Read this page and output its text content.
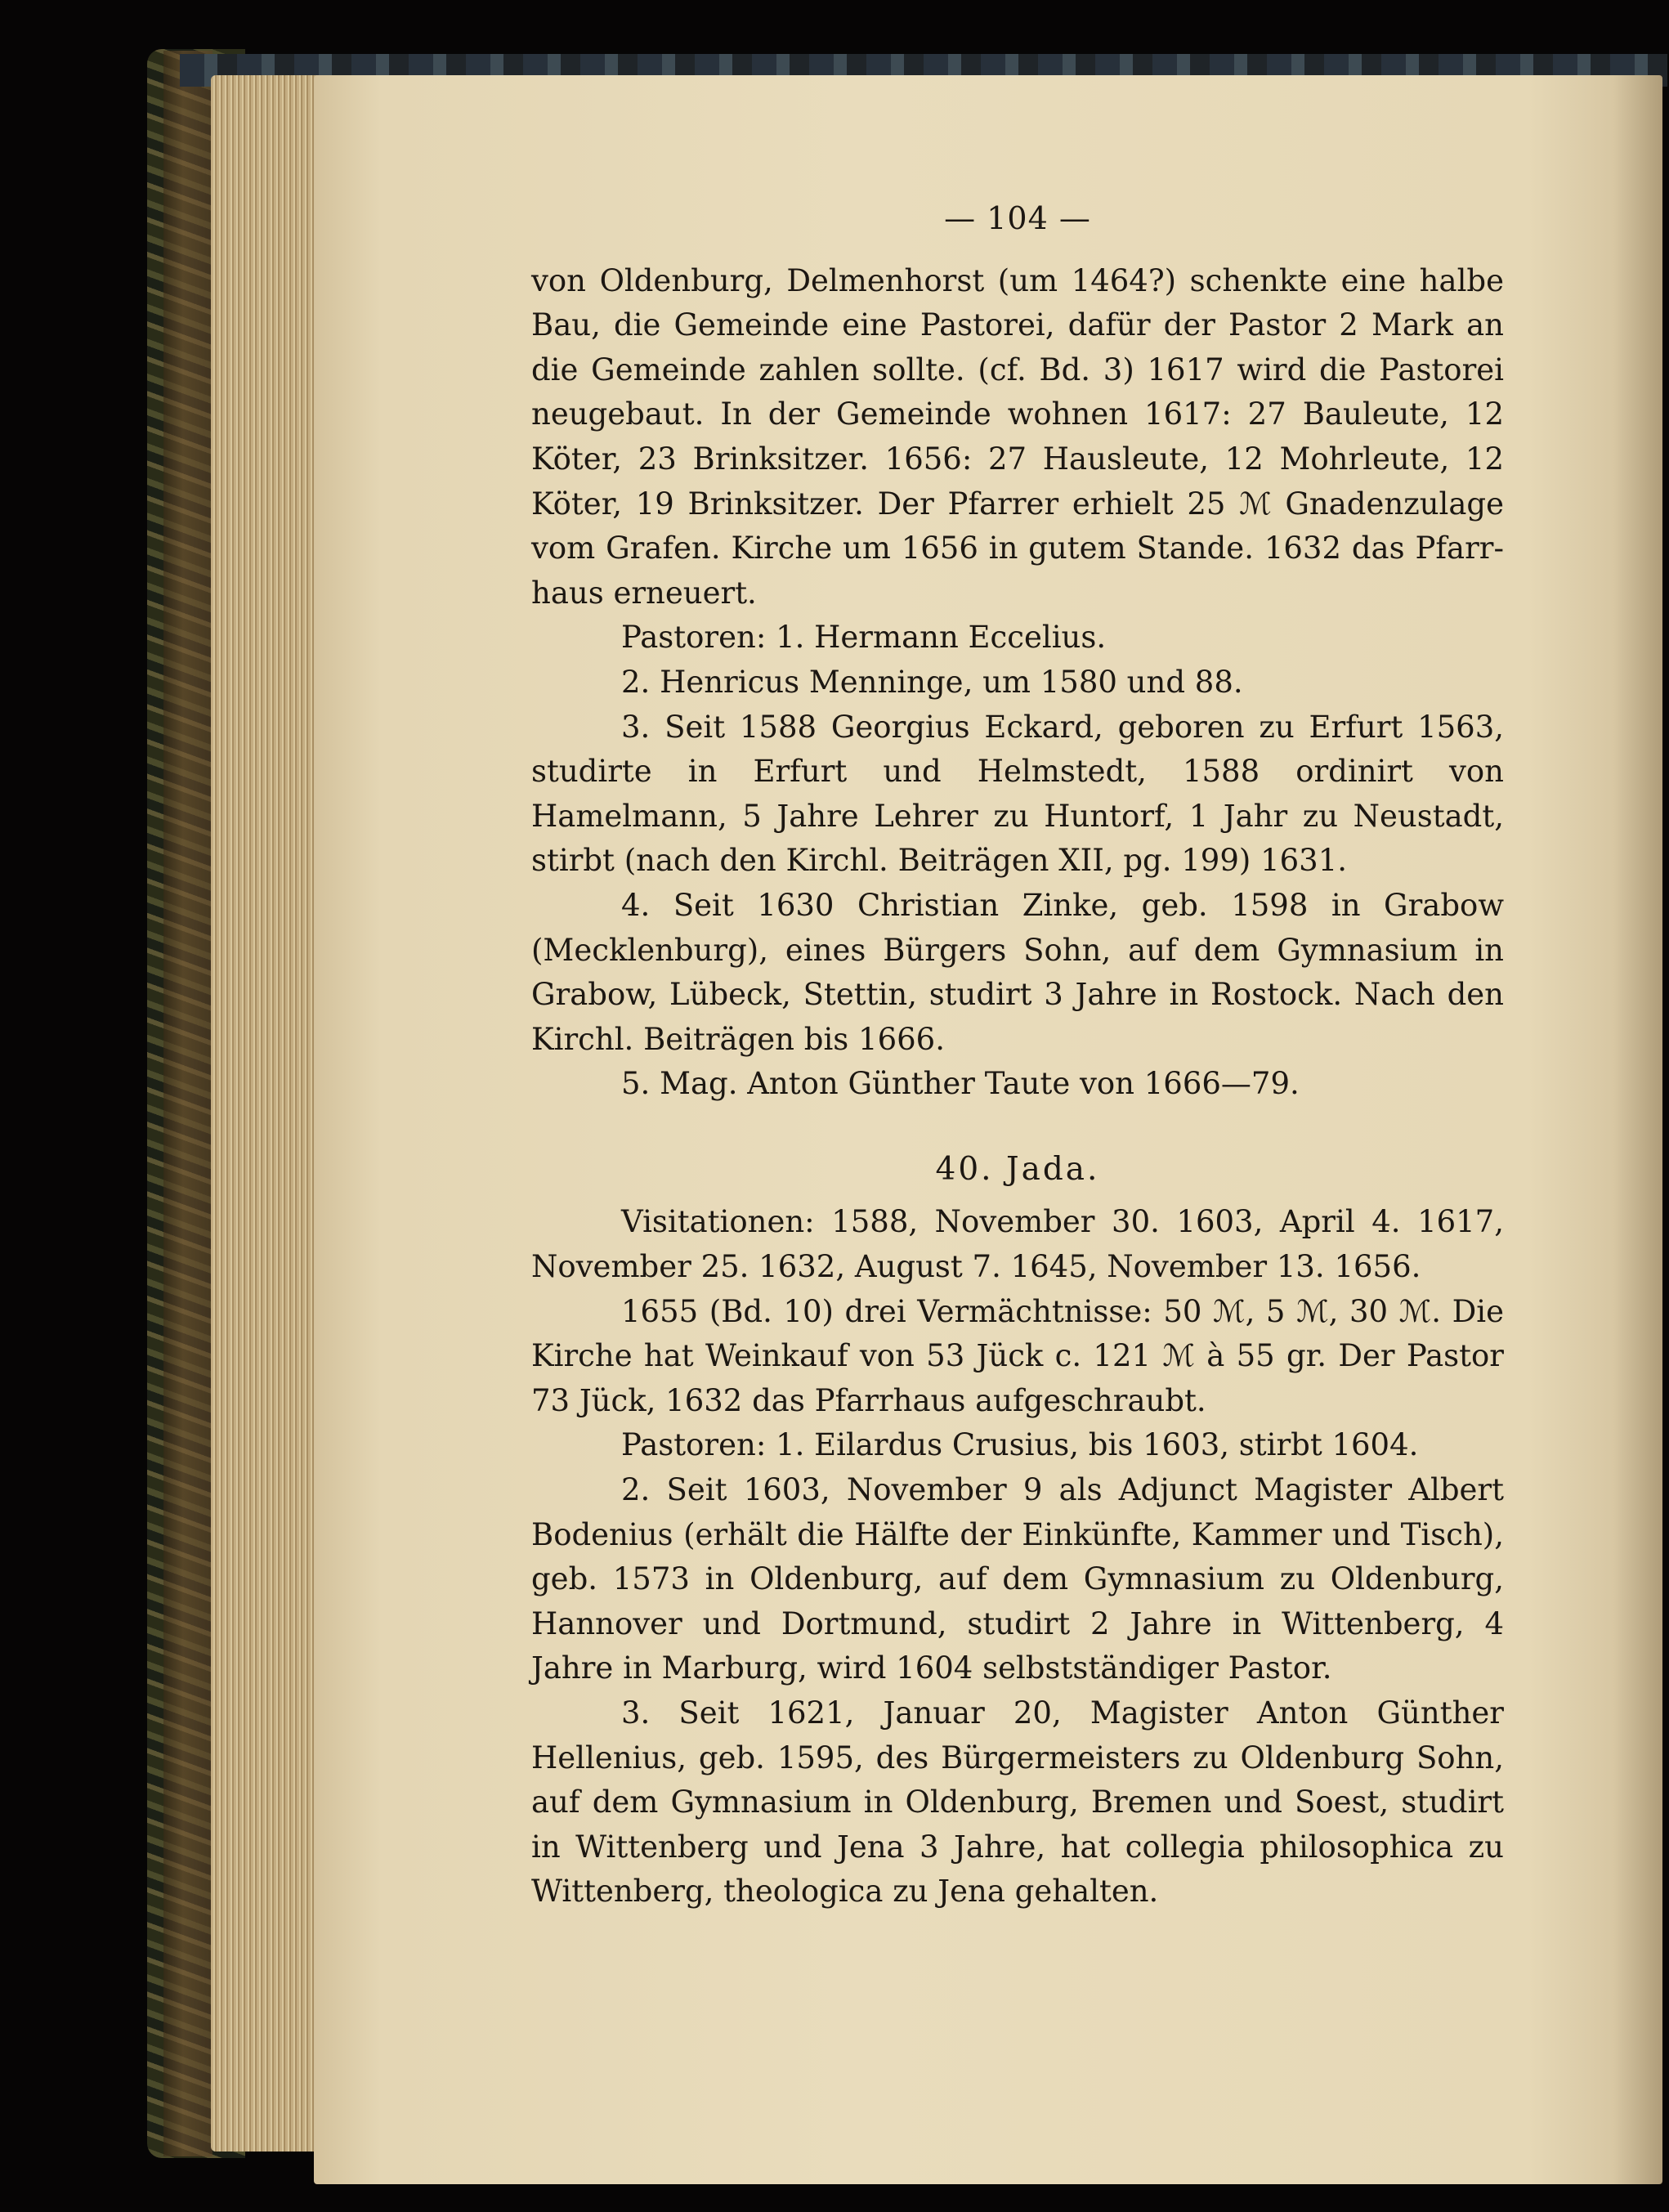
— 104 —

von Oldenburg, Delmenhorst (um 1464?) schenkte eine halbe Bau, die Gemeinde eine Pastorei, dafür der Pastor 2 Mark an die Gemeinde zahlen sollte. (cf. Bd. 3) 1617 wird die Pastorei neugebaut. In der Gemeinde wohnen 1617: 27 Bauleute, 12 Köter, 23 Brinksitzer. 1656: 27 Hausleute, 12 Mohrleute, 12 Köter, 19 Brinksitzer. Der Pfarrer erhielt 25 ℳ Gnadenzulage vom Grafen. Kirche um 1656 in gutem Stande. 1632 das Pfarrhaus erneuert.

Pastoren: 1. Hermann Eccelius.

2. Henricus Menninge, um 1580 und 88.

3. Seit 1588 Georgius Eckard, geboren zu Erfurt 1563, studirte in Erfurt und Helmstedt, 1588 ordinirt von Hamelmann, 5 Jahre Lehrer zu Huntorf, 1 Jahr zu Neustadt, stirbt (nach den Kirchl. Beiträgen XII, pg. 199) 1631.

4. Seit 1630 Christian Zinke, geb. 1598 in Grabow (Mecklenburg), eines Bürgers Sohn, auf dem Gymnasium in Grabow, Lübeck, Stettin, studirt 3 Jahre in Rostock. Nach den Kirchl. Beiträgen bis 1666.

5. Mag. Anton Günther Taute von 1666—79.

40. Jada.

Visitationen: 1588, November 30. 1603, April 4. 1617, November 25. 1632, August 7. 1645, November 13. 1656.

1655 (Bd. 10) drei Vermächtnisse: 50 ℳ, 5 ℳ, 30 ℳ. Die Kirche hat Weinkauf von 53 Jück c. 121 ℳ à 55 gr. Der Pastor 73 Jück, 1632 das Pfarrhaus aufgeschraubt.

Pastoren: 1. Eilardus Crusius, bis 1603, stirbt 1604.

2. Seit 1603, November 9 als Adjunct Magister Albert Bodenius (erhält die Hälfte der Einkünfte, Kammer und Tisch), geb. 1573 in Oldenburg, auf dem Gymnasium zu Oldenburg, Hannover und Dortmund, studirt 2 Jahre in Wittenberg, 4 Jahre in Marburg, wird 1604 selbstständiger Pastor.

3. Seit 1621, Januar 20, Magister Anton Günther Hellenius, geb. 1595, des Bürgermeisters zu Oldenburg Sohn, auf dem Gymnasium in Oldenburg, Bremen und Soest, studirt in Wittenberg und Jena 3 Jahre, hat collegia philosophica zu Wittenberg, theologica zu Jena gehalten.
